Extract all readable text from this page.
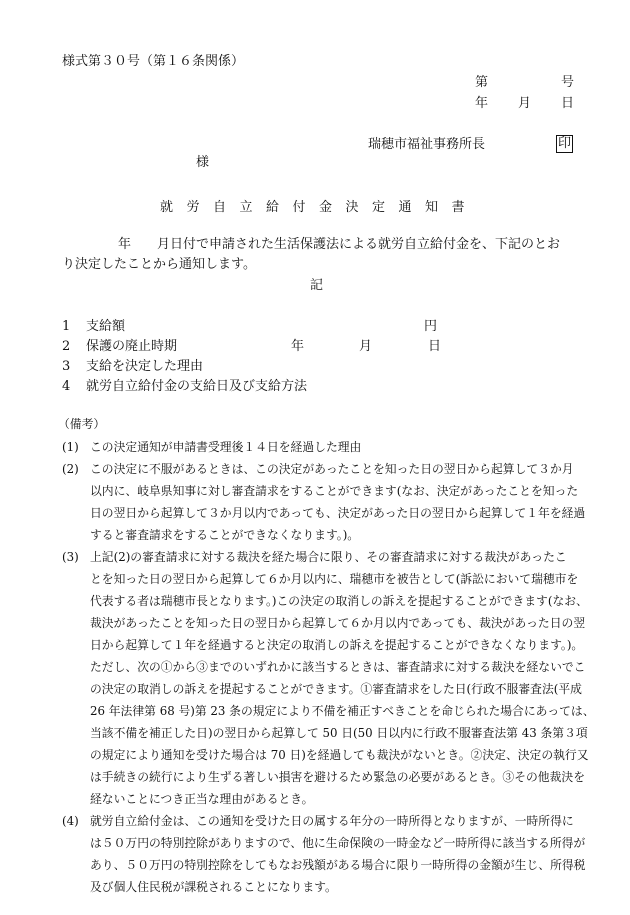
様式第３０号（第１６条関係）
第	号
年 月 日
瑞穂市福祉事務所長	印
様
就労自立給付金決定通知書
年 月日付で申請された生活保護法による就労自立給付金を、下記のとお
り決定したことから通知します。
記
1 支給額	円
2 保護の廃止時期	年	月	日
3 支給を決定した理由
4 就労自立給付金の支給日及び支給方法
（備考）
(1) この決定通知が申請書受理後１４日を経過した理由
(2) この決定に不服があるときは、この決定があったことを知った日の翌日から起算して３か月
以内に、岐阜県知事に対し審査請求をすることができます(なお、決定があったことを知った
日の翌日から起算して３か月以内であっても、決定があった日の翌日から起算して１年を経過
すると審査請求をすることができなくなります。)。
(3) 上記(2)の審査請求に対する裁決を経た場合に限り、その審査請求に対する裁決があったこ
とを知った日の翌日から起算して６か月以内に、瑞穂市を被告として(訴訟において瑞穂市を
代表する者は瑞穂市長となります。)この決定の取消しの訴えを提起することができます(なお、
裁決があったことを知った日の翌日から起算して６か月以内であっても、裁決があった日の翌
日から起算して１年を経過すると決定の取消しの訴えを提起することができなくなります。)。
ただし、次の①から③までのいずれかに該当するときは、審査請求に対する裁決を経ないでこ
の決定の取消しの訴えを提起することができます。①審査請求をした日(行政不服審査法(平成
26 年法律第 68 号)第 23 条の規定により不備を補正すべきことを命じられた場合にあっては、
当該不備を補正した日)の翌日から起算して 50 日(50 日以内に行政不服審査法第 43 条第３項
の規定により通知を受けた場合は 70 日)を経過しても裁決がないとき。②決定、決定の執行又
は手続きの続行により生ずる著しい損害を避けるため緊急の必要があるとき。③その他裁決を
経ないことにつき正当な理由があるとき。
(4) 就労自立給付金は、この通知を受けた日の属する年分の一時所得となりますが、一時所得に
は５０万円の特別控除がありますので、他に生命保険の一時金など一時所得に該当する所得が
あり、５０万円の特別控除をしてもなお残額がある場合に限り一時所得の金額が生じ、所得税
及び個人住民税が課税されることになります。
